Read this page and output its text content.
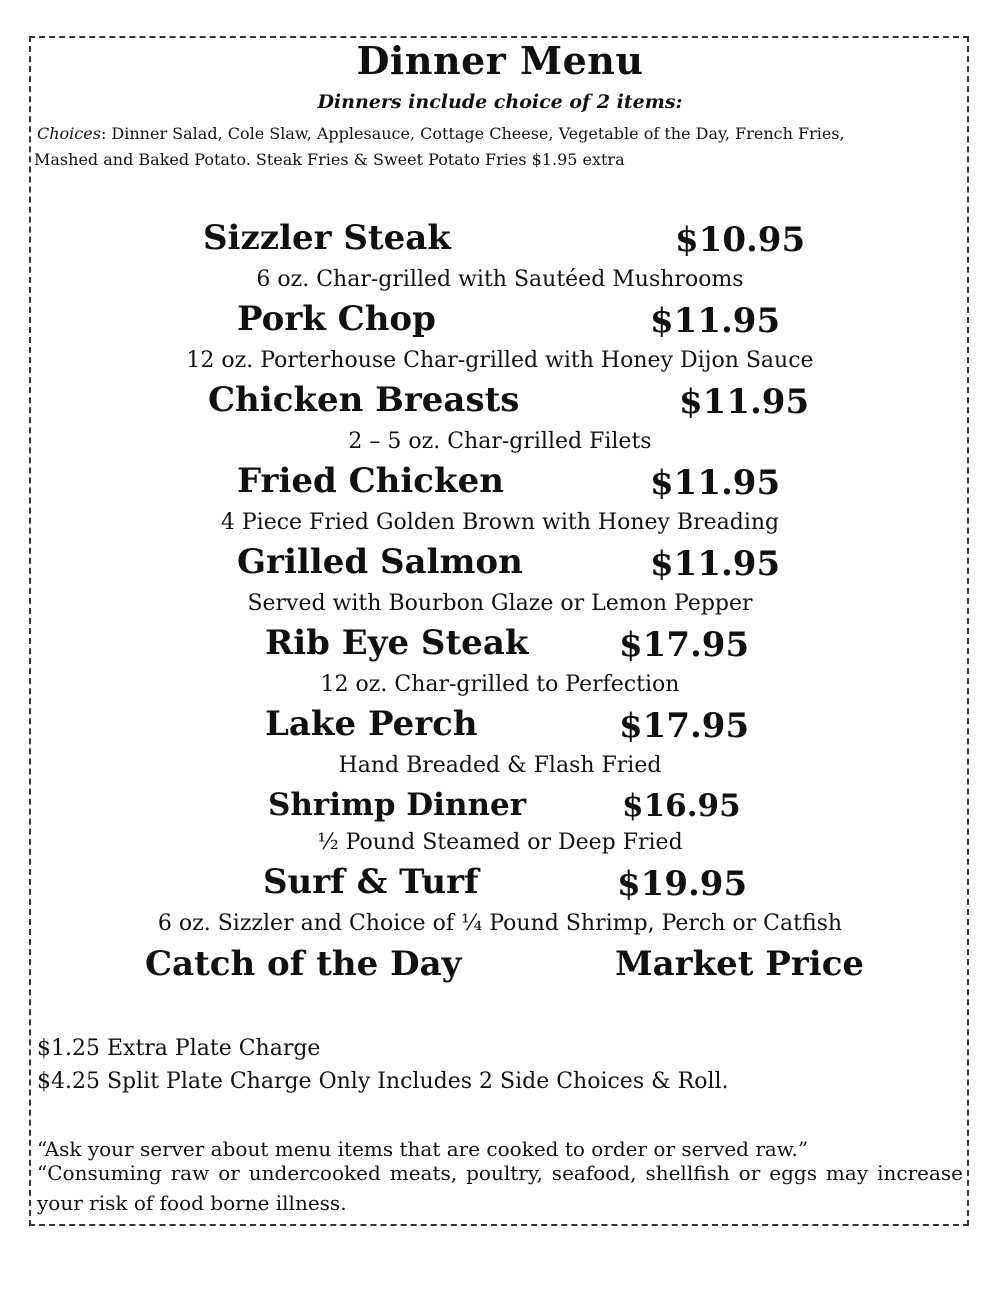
Dinner Menu
Dinners include choice of 2 items:
Choices: Dinner Salad, Cole Slaw, Applesauce, Cottage Cheese, Vegetable of the Day, French Fries,
Mashed and Baked Potato. Steak Fries & Sweet Potato Fries $1.95 extra
Sizzler Steak	$10.95
6 oz. Char-grilled with Sautéed Mushrooms
Pork Chop	$11.95
12 oz. Porterhouse Char-grilled with Honey Dijon Sauce
Chicken Breasts	$11.95
2 – 5 oz. Char-grilled Filets
Fried Chicken	$11.95
4 Piece Fried Golden Brown with Honey Breading
Grilled Salmon	$11.95
Served with Bourbon Glaze or Lemon Pepper
Rib Eye Steak	$17.95
12 oz. Char-grilled to Perfection
Lake Perch	$17.95
Hand Breaded & Flash Fried
Shrimp Dinner	$16.95
½ Pound Steamed or Deep Fried
Surf & Turf	$19.95
6 oz. Sizzler and Choice of ¼ Pound Shrimp, Perch or Catfish
Catch of the Day	Market Price
$1.25 Extra Plate Charge
$4.25 Split Plate Charge Only Includes 2 Side Choices & Roll.
“Ask your server about menu items that are cooked to order or served raw.”
“Consuming raw or undercooked meats, poultry, seafood, shellfish or eggs may increase your risk of food borne illness.
